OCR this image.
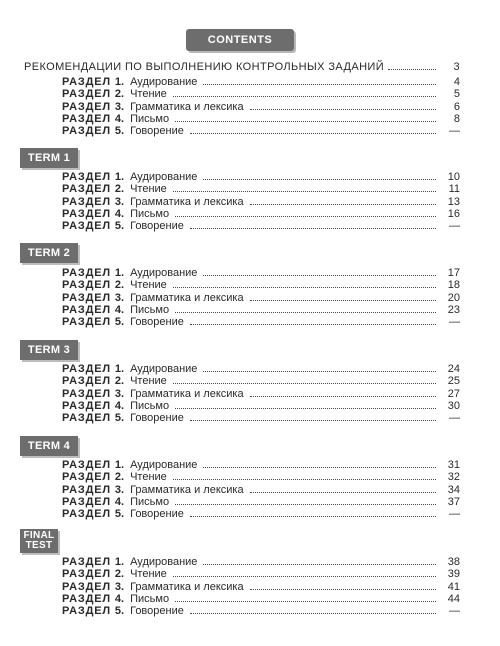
CONTENTS
РЕКОМЕНДАЦИИ ПО ВЫПОЛНЕНИЮ КОНТРОЛЬНЫХ ЗАДАНИЙ	3
РАЗДЕЛ 1. Аудирование	4
РАЗДЕЛ 2. Чтение	5
РАЗДЕЛ 3. Грамматика и лексика	6
РАЗДЕЛ 4. Письмо	8
РАЗДЕЛ 5. Говорение	—
TERM 1
РАЗДЕЛ 1. Аудирование	10
РАЗДЕЛ 2. Чтение	11
РАЗДЕЛ 3. Грамматика и лексика	13
РАЗДЕЛ 4. Письмо	16
РАЗДЕЛ 5. Говорение	—
TERM 2
РАЗДЕЛ 1. Аудирование	17
РАЗДЕЛ 2. Чтение	18
РАЗДЕЛ 3. Грамматика и лексика	20
РАЗДЕЛ 4. Письмо	23
РАЗДЕЛ 5. Говорение	—
TERM 3
РАЗДЕЛ 1. Аудирование	24
РАЗДЕЛ 2. Чтение	25
РАЗДЕЛ 3. Грамматика и лексика	27
РАЗДЕЛ 4. Письмо	30
РАЗДЕЛ 5. Говорение	—
TERM 4
РАЗДЕЛ 1. Аудирование	31
РАЗДЕЛ 2. Чтение	32
РАЗДЕЛ 3. Грамматика и лексика	34
РАЗДЕЛ 4. Письмо	37
РАЗДЕЛ 5. Говорение	—
FINAL
TEST
РАЗДЕЛ 1. Аудирование	38
РАЗДЕЛ 2. Чтение	39
РАЗДЕЛ 3. Грамматика и лексика	41
РАЗДЕЛ 4. Письмо	44
РАЗДЕЛ 5. Говорение	—
